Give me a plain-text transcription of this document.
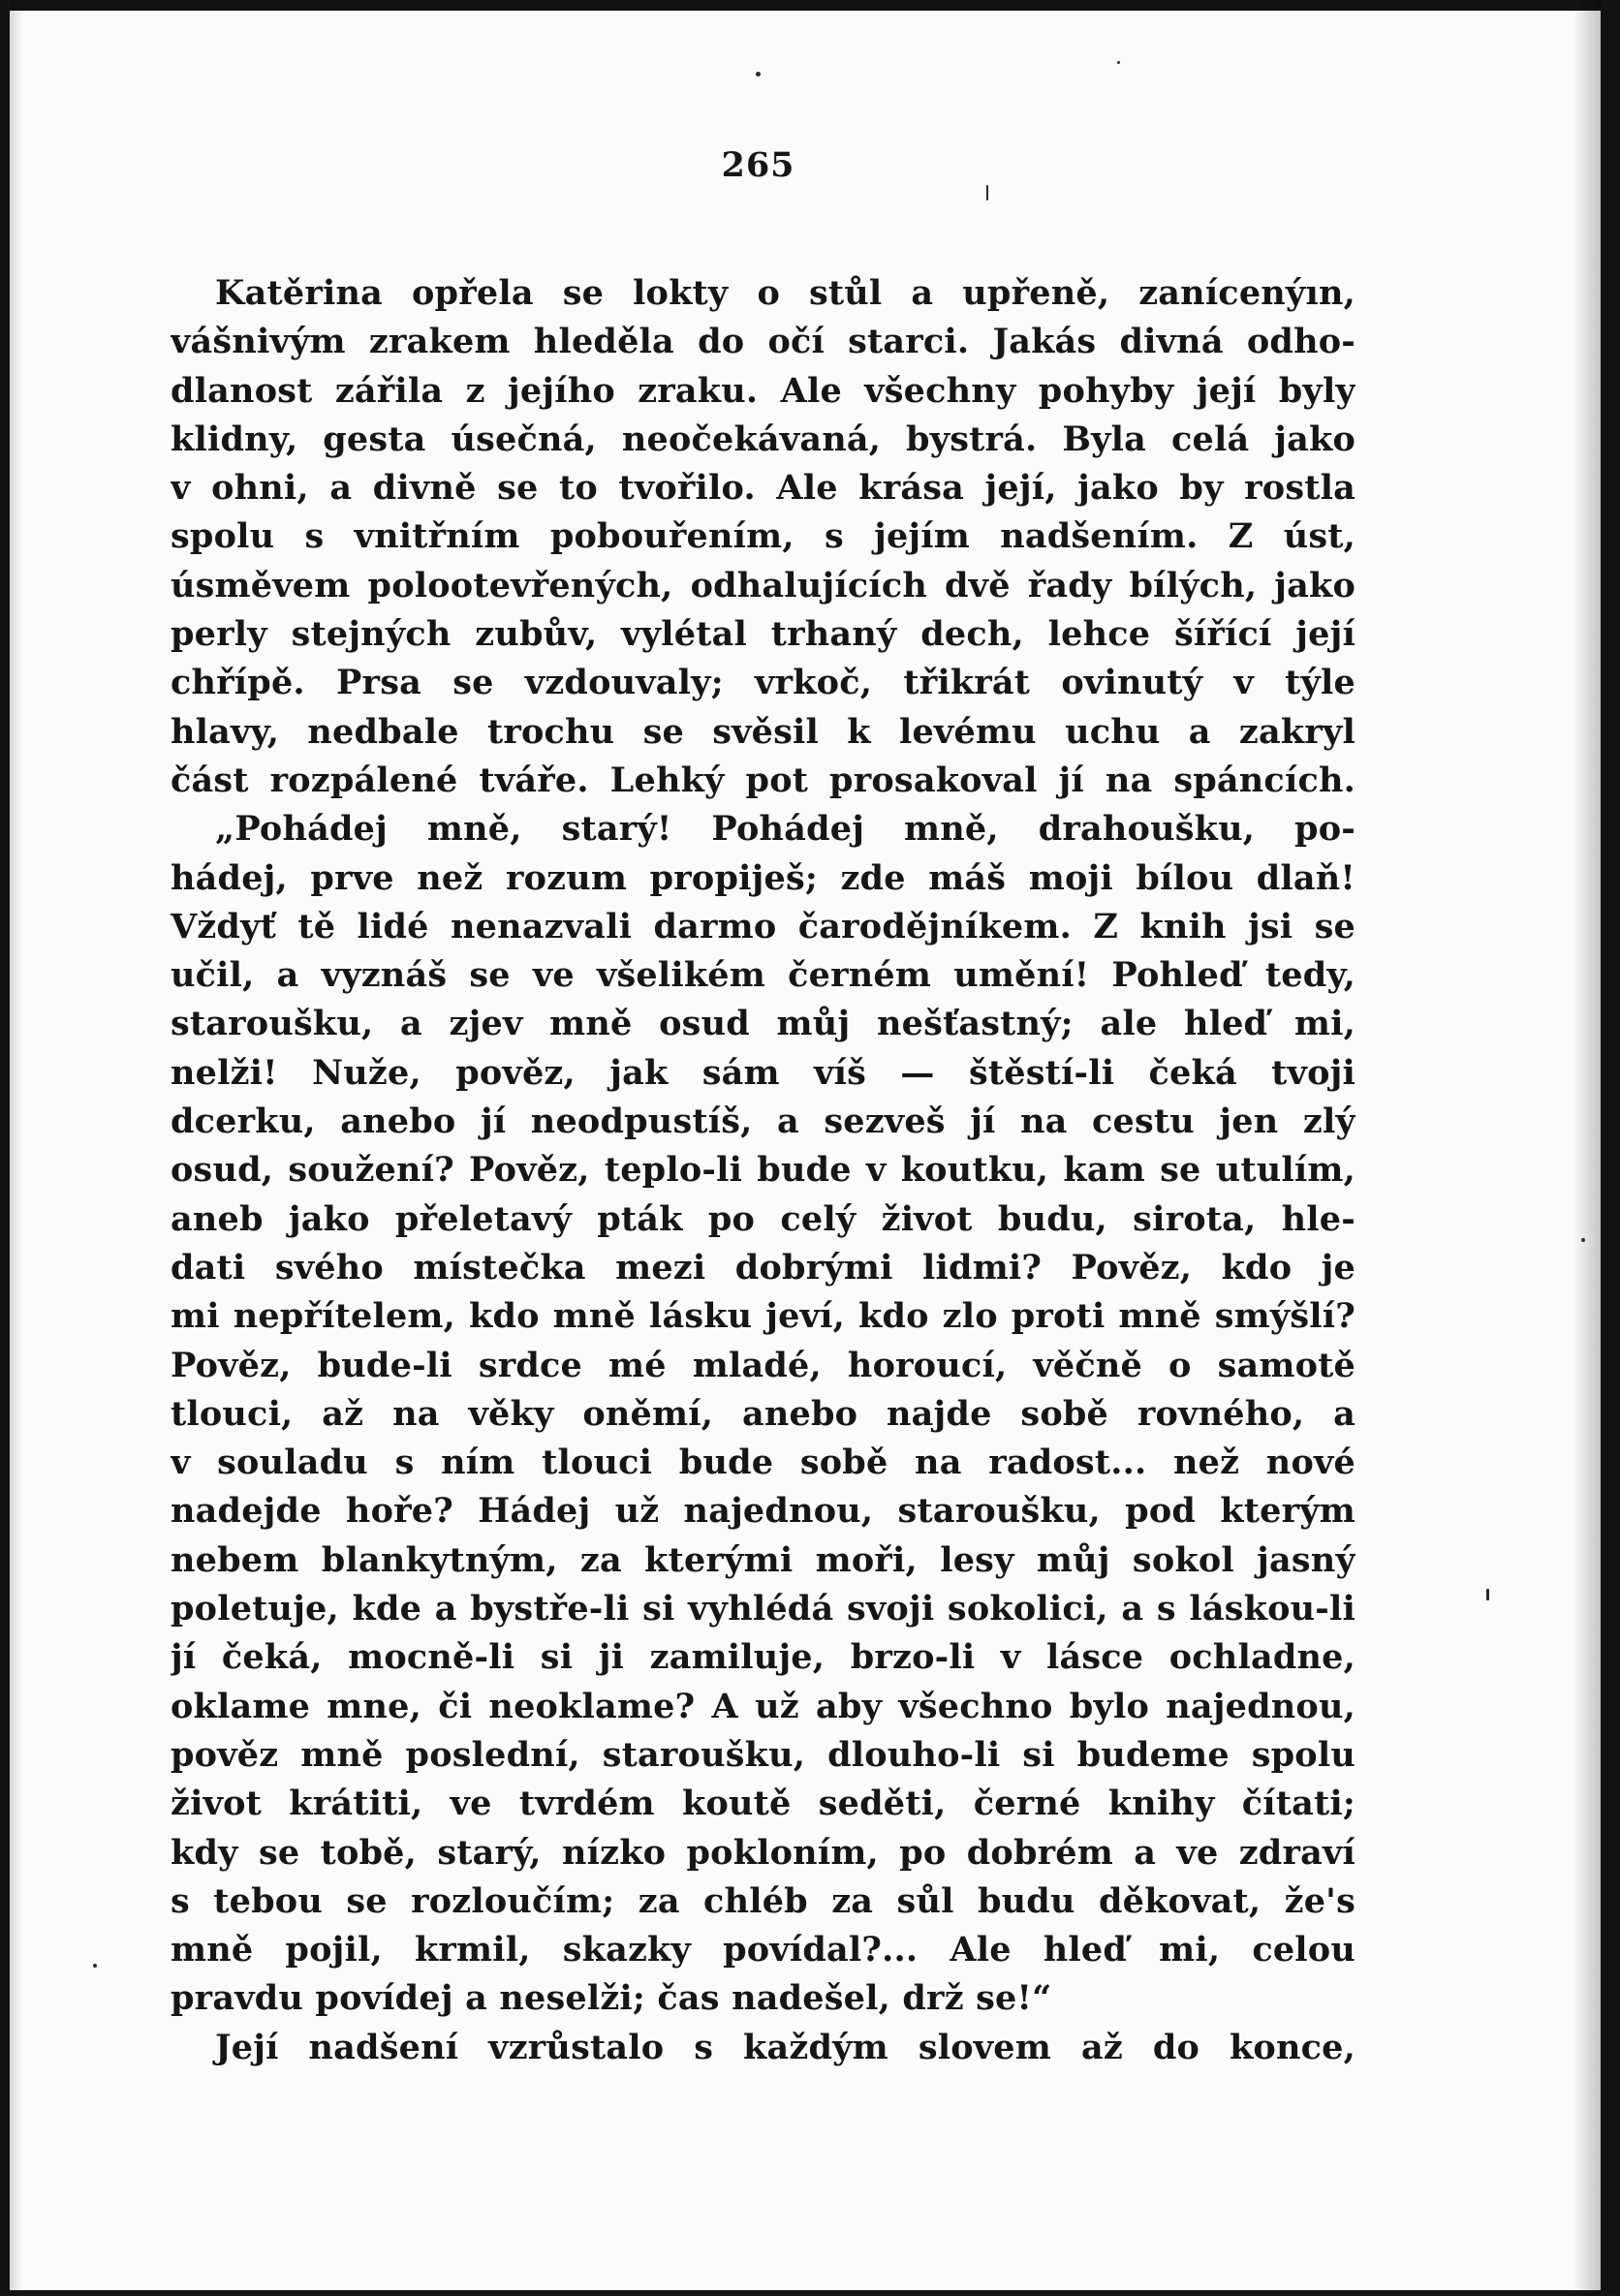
265
Katěrina opřela se lokty o stůl a upřeně, zanícenýın,
vášnivým zrakem hleděla do očí starci. Jakás divná odho-
dlanost zářila z jejího zraku. Ale všechny pohyby její byly
klidny, gesta úsečná, neočekávaná, bystrá. Byla celá jako
v ohni, a divně se to tvořilo. Ale krása její, jako by rostla
spolu s vnitřním pobouřením, s jejím nadšením. Z úst,
úsměvem polootevřených, odhalujících dvě řady bílých, jako
perly stejných zubův, vylétal trhaný dech, lehce šířící její
chřípě. Prsa se vzdouvaly; vrkoč, třikrát ovinutý v týle
hlavy, nedbale trochu se svěsil k levému uchu a zakryl
část rozpálené tváře. Lehký pot prosakoval jí na spáncích.
„Pohádej mně, starý! Pohádej mně, drahoušku, po-
hádej, prve než rozum propiješ; zde máš moji bílou dlaň!
Vždyť tě lidé nenazvali darmo čarodějníkem. Z knih jsi se
učil, a vyznáš se ve všelikém černém umění! Pohleď tedy,
staroušku, a zjev mně osud můj nešťastný; ale hleď mi,
nelži! Nuže, pověz, jak sám víš — štěstí-li čeká tvoji
dcerku, anebo jí neodpustíš, a sezveš jí na cestu jen zlý
osud, soužení? Pověz, teplo-li bude v koutku, kam se utulím,
aneb jako přeletavý pták po celý život budu, sirota, hle-
dati svého místečka mezi dobrými lidmi? Pověz, kdo je
mi nepřítelem, kdo mně lásku jeví, kdo zlo proti mně smýšlí?
Pověz, bude-li srdce mé mladé, horoucí, věčně o samotě
tlouci, až na věky oněmí, anebo najde sobě rovného, a
v souladu s ním tlouci bude sobě na radost... než nové
nadejde hoře? Hádej už najednou, staroušku, pod kterým
nebem blankytným, za kterými moři, lesy můj sokol jasný
poletuje, kde a bystře-li si vyhlédá svoji sokolici, a s láskou-li
jí čeká, mocně-li si ji zamiluje, brzo-li v lásce ochladne,
oklame mne, či neoklame? A už aby všechno bylo najednou,
pověz mně poslední, staroušku, dlouho-li si budeme spolu
život krátiti, ve tvrdém koutě seděti, černé knihy čítati;
kdy se tobě, starý, nízko pokloním, po dobrém a ve zdraví
s tebou se rozloučím; za chléb za sůl budu děkovat, že's
mně pojil, krmil, skazky povídal?... Ale hleď mi, celou
pravdu povídej a neselži; čas nadešel, drž se!“
Její nadšení vzrůstalo s každým slovem až do konce,
